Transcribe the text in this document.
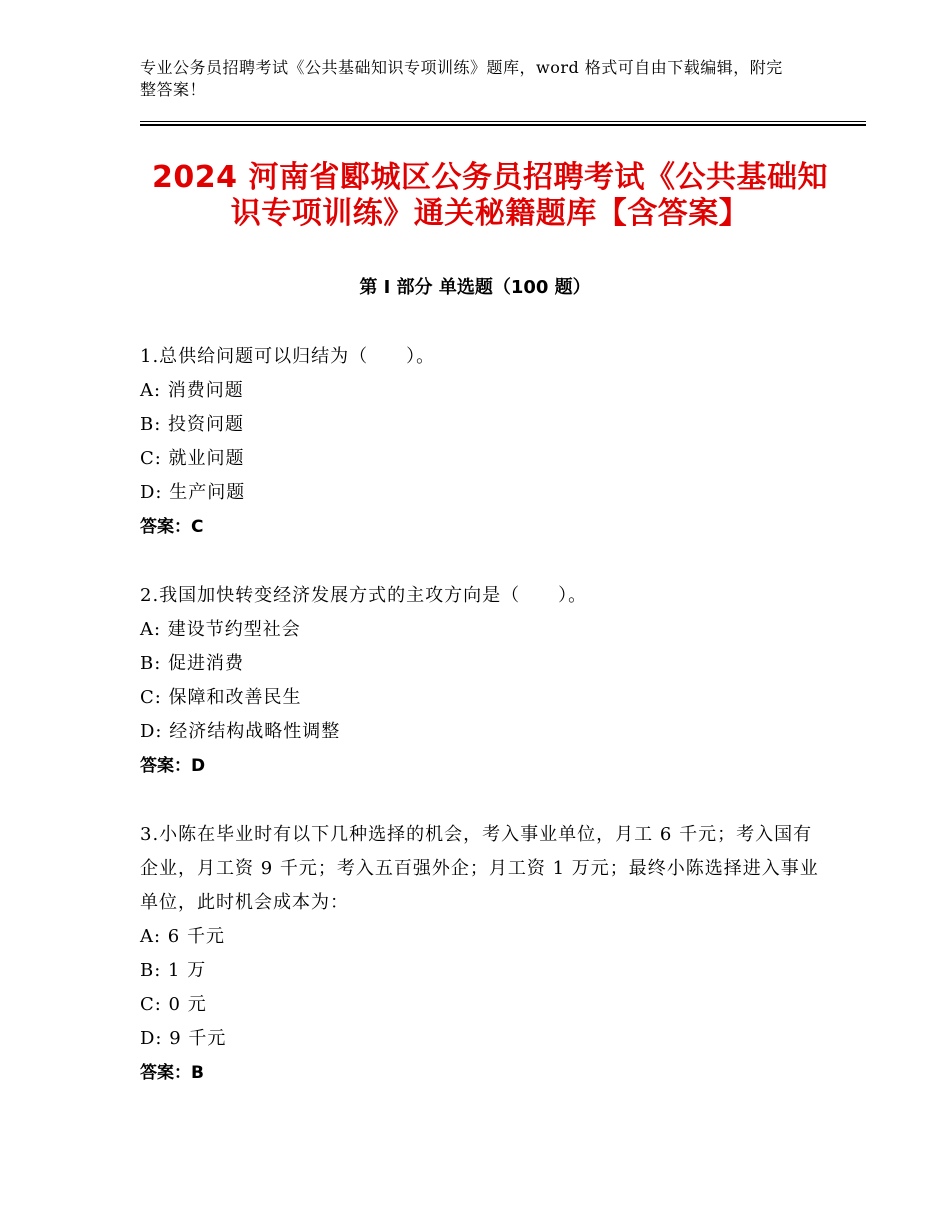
专业公务员招聘考试《公共基础知识专项训练》题库，word 格式可自由下载编辑，附完整答案！
2024 河南省郾城区公务员招聘考试《公共基础知识专项训练》通关秘籍题库【含答案】
第 I 部分 单选题（100 题）
1.总供给问题可以归结为（　　）。
A: 消费问题
B: 投资问题
C: 就业问题
D: 生产问题
答案：C
2.我国加快转变经济发展方式的主攻方向是（　　）。
A: 建设节约型社会
B: 促进消费
C: 保障和改善民生
D: 经济结构战略性调整
答案：D
3.小陈在毕业时有以下几种选择的机会，考入事业单位，月工 6 千元；考入国有企业，月工资 9 千元；考入五百强外企；月工资 1 万元；最终小陈选择进入事业单位，此时机会成本为：
A: 6 千元
B: 1 万
C: 0 元
D: 9 千元
答案：B
